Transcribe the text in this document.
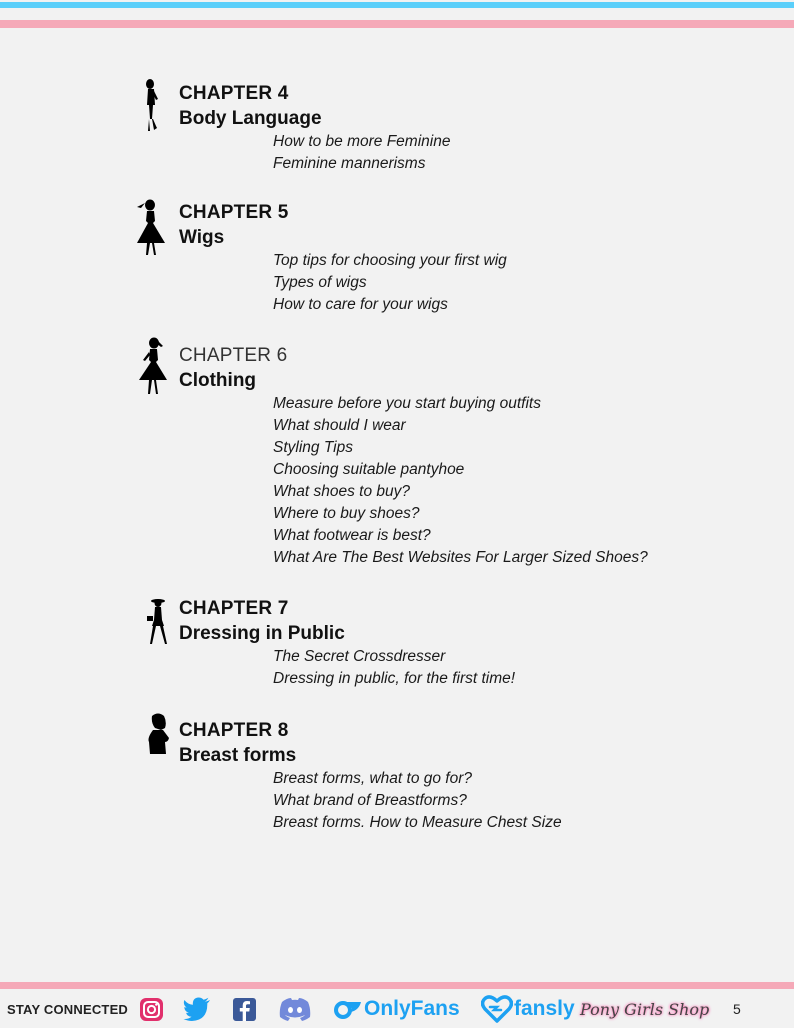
CHAPTER 4
Body Language
How to be more Feminine
Feminine mannerisms
CHAPTER 5
Wigs
Top tips for choosing your first wig
Types of wigs
How to care for your wigs
CHAPTER 6
Clothing
Measure before you start buying outfits
What should I wear
Styling Tips
Choosing suitable pantyhoe
What shoes to buy?
Where to buy shoes?
What footwear is best?
What Are The Best Websites For Larger Sized Shoes?
CHAPTER 7
Dressing in Public
The Secret Crossdresser
Dressing in public, for the first time!
CHAPTER 8
Breast forms
Breast forms, what to go for?
What brand of Breastforms?
Breast forms. How to Measure Chest Size
STAY CONNECTED	OnlyFans	fansly Pony Girls Shop 5
